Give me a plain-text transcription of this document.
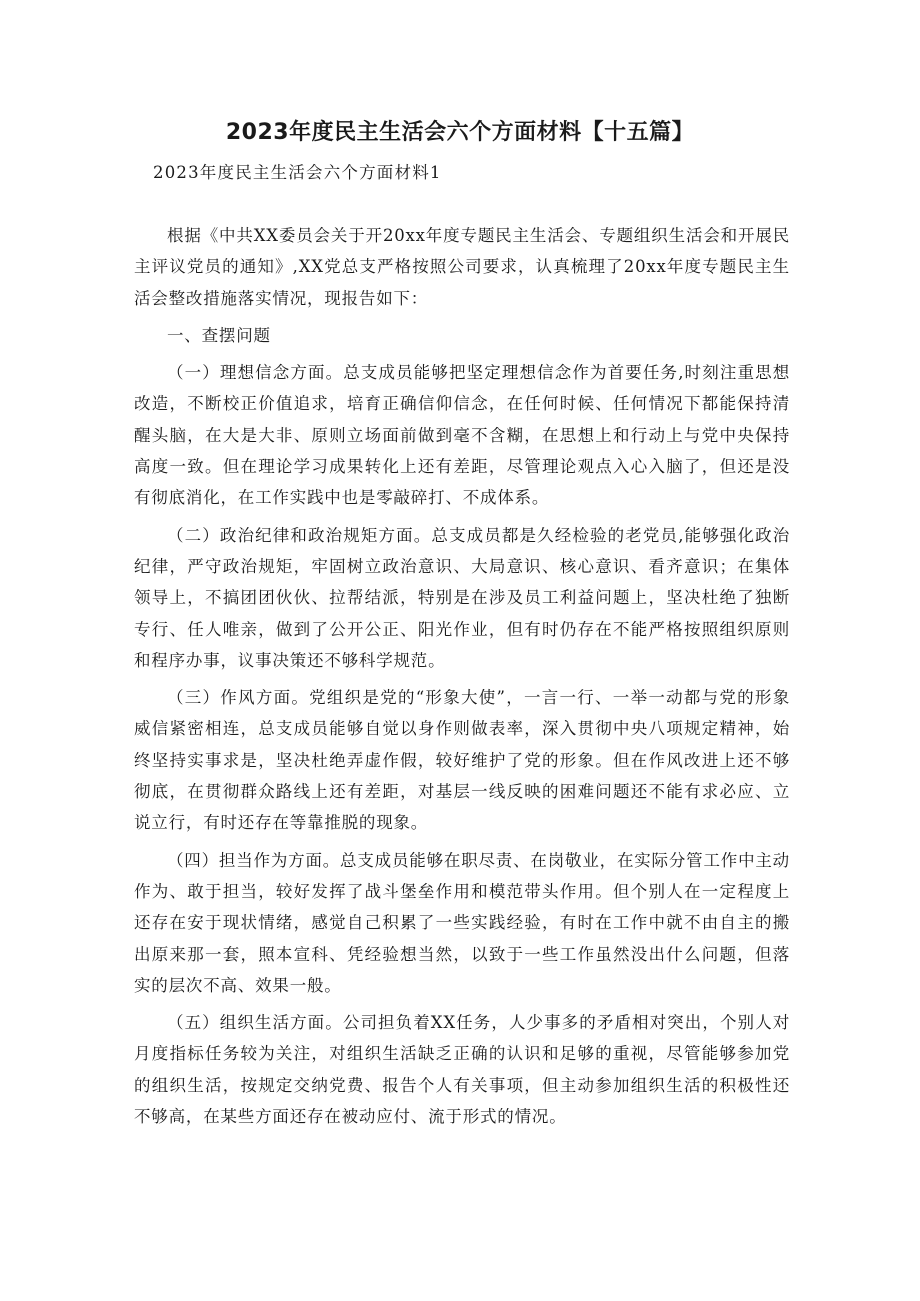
2023年度民主生活会六个方面材料【十五篇】

2023年度民主生活会六个方面材料1

根据《中共XX委员会关于开20xx年度专题民主生活会、专题组织生活会和开展民主评议党员的通知》,XX党总支严格按照公司要求，认真梳理了20xx年度专题民主生活会整改措施落实情况，现报告如下：

一、查摆问题

（一）理想信念方面。总支成员能够把坚定理想信念作为首要任务,时刻注重思想改造，不断校正价值追求，培育正确信仰信念，在任何时候、任何情况下都能保持清醒头脑，在大是大非、原则立场面前做到毫不含糊，在思想上和行动上与党中央保持高度一致。但在理论学习成果转化上还有差距，尽管理论观点入心入脑了，但还是没有彻底消化，在工作实践中也是零敲碎打、不成体系。

（二）政治纪律和政治规矩方面。总支成员都是久经检验的老党员,能够强化政治纪律，严守政治规矩，牢固树立政治意识、大局意识、核心意识、看齐意识；在集体领导上，不搞团团伙伙、拉帮结派，特别是在涉及员工利益问题上，坚决杜绝了独断专行、任人唯亲，做到了公开公正、阳光作业，但有时仍存在不能严格按照组织原则和程序办事，议事决策还不够科学规范。

（三）作风方面。党组织是党的“形象大使”，一言一行、一举一动都与党的形象威信紧密相连，总支成员能够自觉以身作则做表率，深入贯彻中央八项规定精神，始终坚持实事求是，坚决杜绝弄虚作假，较好维护了党的形象。但在作风改进上还不够彻底，在贯彻群众路线上还有差距，对基层一线反映的困难问题还不能有求必应、立说立行，有时还存在等靠推脱的现象。

（四）担当作为方面。总支成员能够在职尽责、在岗敬业，在实际分管工作中主动作为、敢于担当，较好发挥了战斗堡垒作用和模范带头作用。但个别人在一定程度上还存在安于现状情绪，感觉自己积累了一些实践经验，有时在工作中就不由自主的搬出原来那一套，照本宣科、凭经验想当然，以致于一些工作虽然没出什么问题，但落实的层次不高、效果一般。

（五）组织生活方面。公司担负着XX任务，人少事多的矛盾相对突出，个别人对月度指标任务较为关注，对组织生活缺乏正确的认识和足够的重视，尽管能够参加党的组织生活，按规定交纳党费、报告个人有关事项，但主动参加组织生活的积极性还不够高，在某些方面还存在被动应付、流于形式的情况。
